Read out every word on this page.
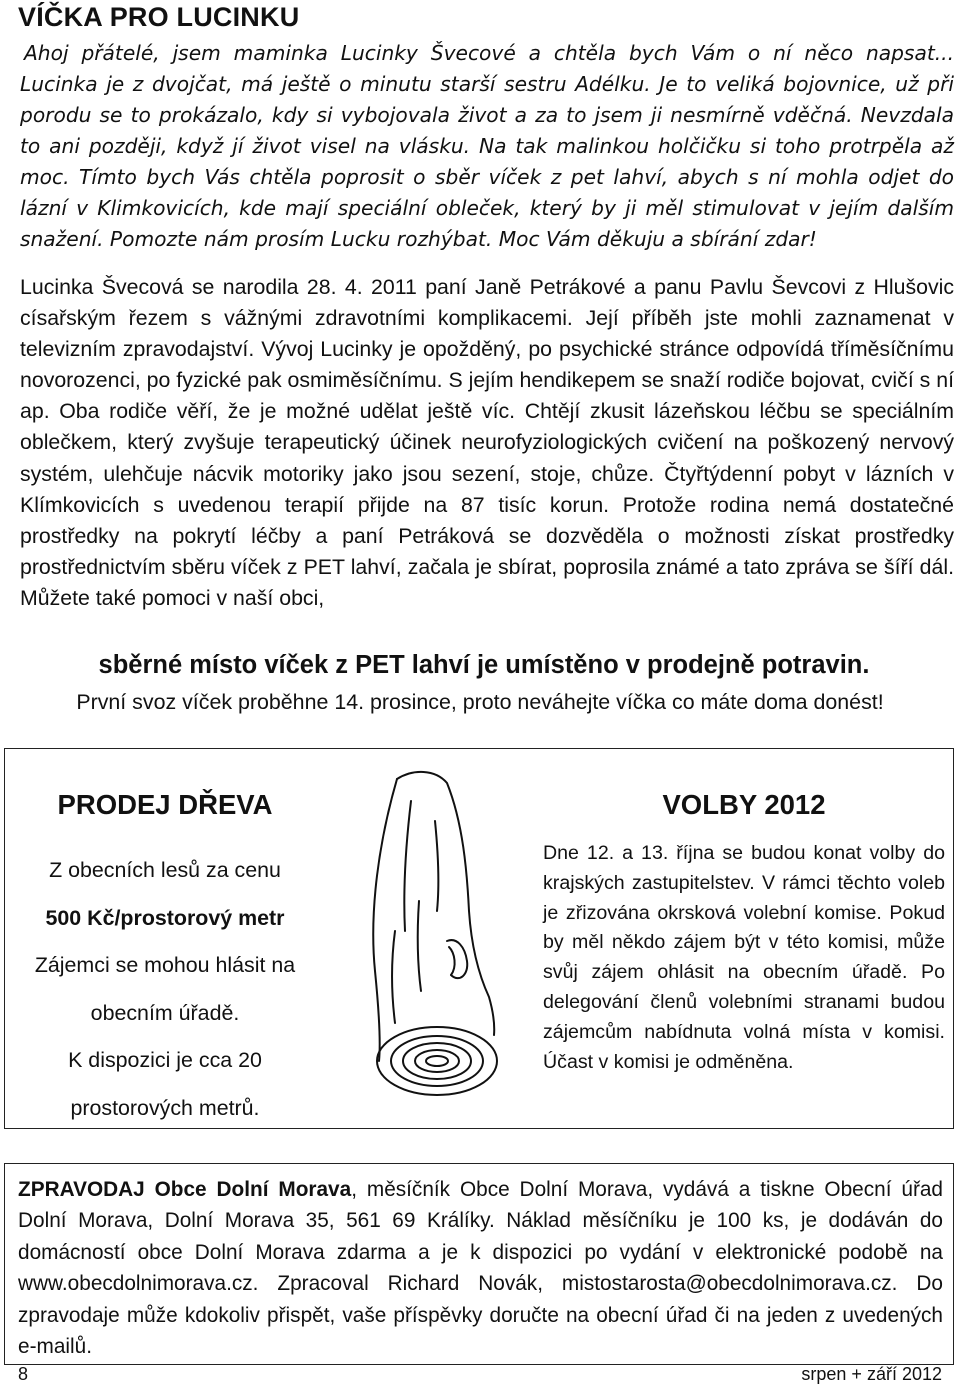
VÍČKA PRO LUCINKU

Ahoj přátelé, jsem maminka Lucinky Švecové a chtěla bych Vám o ní něco napsat... Lucinka je z dvojčat, má ještě o minutu starší sestru Adélku. Je to veliká bojovnice, už při porodu se to prokázalo, kdy si vybojovala život a za to jsem ji nesmírně vděčná. Nevzdala to ani později, když jí život visel na vlásku. Na tak malinkou holčičku si toho protrpěla až moc. Tímto bych Vás chtěla poprosit o sběr víček z pet lahví, abych s ní mohla odjet do lázní v Klimkovicích, kde mají speciální obleček, který by ji měl stimulovat v jejím dalším snažení. Pomozte nám prosím Lucku rozhýbat. Moc Vám děkuju a sbírání zdar!

Lucinka Švecová se narodila 28. 4. 2011 paní Janě Petrákové a panu Pavlu Ševcovi z Hlušovic císařským řezem s vážnými zdravotními komplikacemi. Její příběh jste mohli zaznamenat v televizním zpravodajství. Vývoj Lucinky je opožděný, po psychické stránce odpovídá tříměsíčnímu novorozenci, po fyzické pak osmiměsíčnímu. S jejím hendikepem se snaží rodiče bojovat, cvičí s ní ap. Oba rodiče věří, že je možné udělat ještě víc. Chtějí zkusit lázeňskou léčbu se speciálním oblečkem, který zvyšuje terapeutický účinek neurofyziologických cvičení na poškozený nervový systém, ulehčuje nácvik motoriky jako jsou sezení, stoje, chůze. Čtyřtýdenní pobyt v lázních v Klímkovicích s uvedenou terapií přijde na 87 tisíc korun. Protože rodina nemá dostatečné prostředky na pokrytí léčby a paní Petráková se dozvěděla o možnosti získat prostředky prostřednictvím sběru víček z PET lahví, začala je sbírat, poprosila známé a tato zpráva se šíří dál. Můžete také pomoci v naší obci,

sběrné místo víček z PET lahví je umístěno v prodejně potravin.
První svoz víček proběhne 14. prosince, proto neváhejte víčka co máte doma donést!
PRODEJ DŘEVA
Z obecních lesů za cenu
500 Kč/prostorový metr
Zájemci se mohou hlásit na
obecním úřadě.
K dispozici je cca 20
prostorových metrů.
VOLBY 2012

Dne 12. a 13. října se budou konat volby do krajských zastupitelstev. V rámci těchto voleb je zřizována okrsková volební komise. Pokud by měl někdo zájem být v této komisi, může svůj zájem ohlásit na obecním úřadě. Po delegování členů volebními stranami budou zájemcům nabídnuta volná místa v komisi. Účast v komisi je odměněna.

ZPRAVODAJ Obce Dolní Morava, měsíčník Obce Dolní Morava, vydává a tiskne Obecní úřad Dolní Morava, Dolní Morava 35, 561 69 Králíky. Náklad měsíčníku je 100 ks, je dodáván do domácností obce Dolní Morava zdarma a je k dispozici po vydání v elektronické podobě na www.obecdolnimorava.cz. Zpracoval Richard Novák, mistostarosta@obecdolnimorava.cz. Do zpravodaje může kdokoliv přispět, vaše příspěvky doručte na obecní úřad či na jeden z uvedených e-mailů.

8	srpen + září 2012
